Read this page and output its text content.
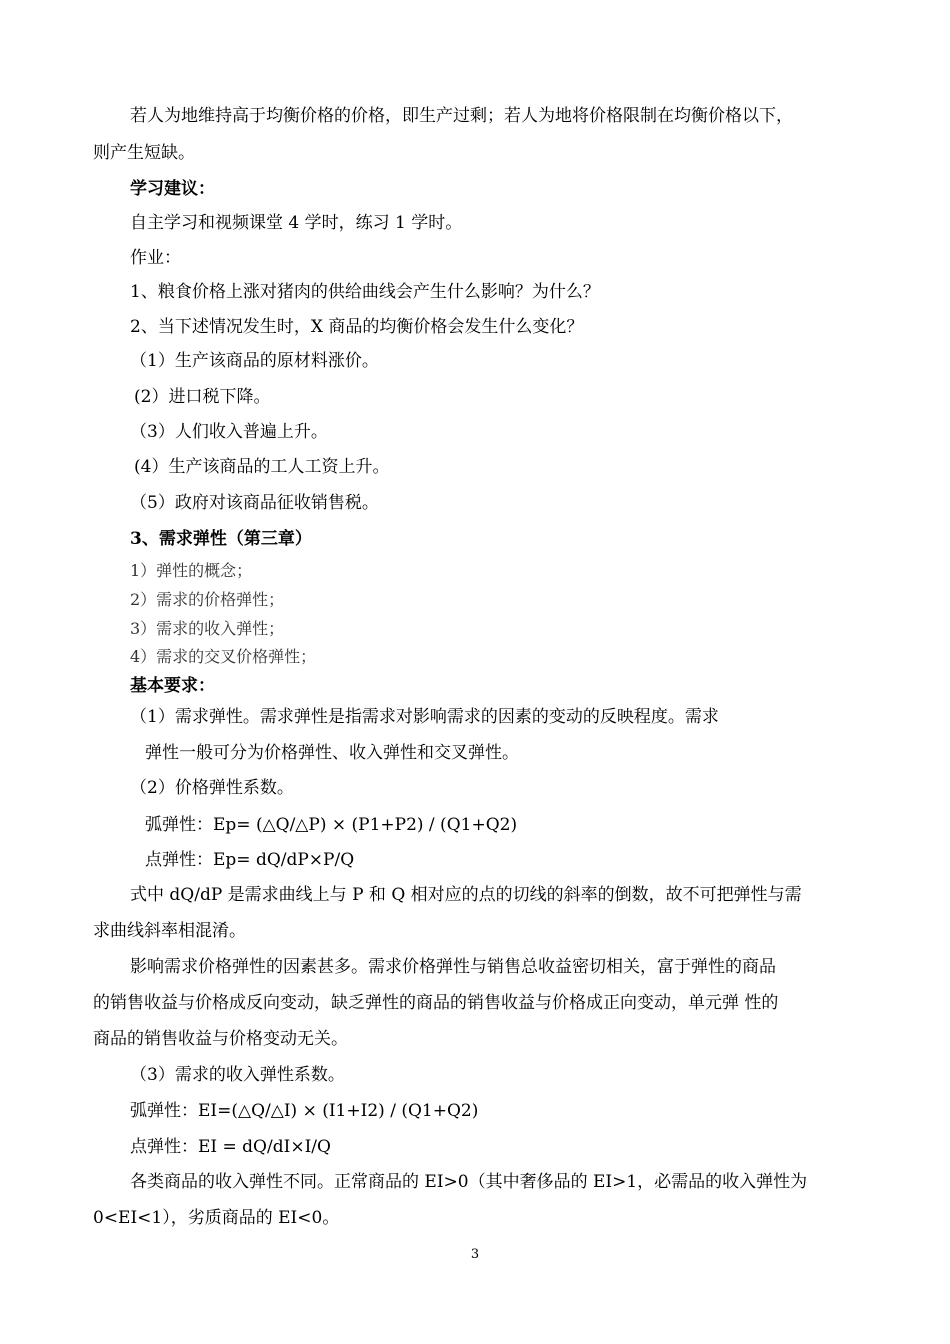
若人为地维持高于均衡价格的价格，即生产过剩；若人为地将价格限制在均衡价格以下，
则产生短缺。
学习建议：
自主学习和视频课堂 4 学时，练习 1 学时。
作业：
1、粮食价格上涨对猪肉的供给曲线会产生什么影响？为什么？
2、当下述情况发生时，X 商品的均衡价格会发生什么变化？
（1）生产该商品的原材料涨价。
(2）进口税下降。
（3）人们收入普遍上升。
(4）生产该商品的工人工资上升。
（5）政府对该商品征收销售税。
3、需求弹性（第三章）
1）弹性的概念；
2）需求的价格弹性；
3）需求的收入弹性；
4）需求的交叉价格弹性；
基本要求：
（1）需求弹性。需求弹性是指需求对影响需求的因素的变动的反映程度。需求
弹性一般可分为价格弹性、收入弹性和交叉弹性。
（2）价格弹性系数。
弧弹性：Ep= (△Q/△P) × (P1+P2) / (Q1+Q2)
点弹性：Ep= dQ/dP×P/Q
式中 dQ/dP 是需求曲线上与 P 和 Q 相对应的点的切线的斜率的倒数，故不可把弹性与需
求曲线斜率相混淆。
影响需求价格弹性的因素甚多。需求价格弹性与销售总收益密切相关，富于弹性的商品
的销售收益与价格成反向变动，缺乏弹性的商品的销售收益与价格成正向变动，单元弹 性的
商品的销售收益与价格变动无关。
（3）需求的收入弹性系数。
弧弹性：EI=(△Q/△I) × (I1+I2) / (Q1+Q2)
点弹性：EI = dQ/dI×I/Q
各类商品的收入弹性不同。正常商品的 EI>0（其中奢侈品的 EI>1，必需品的收入弹性为
0<EI<1），劣质商品的 EI<0。
3
